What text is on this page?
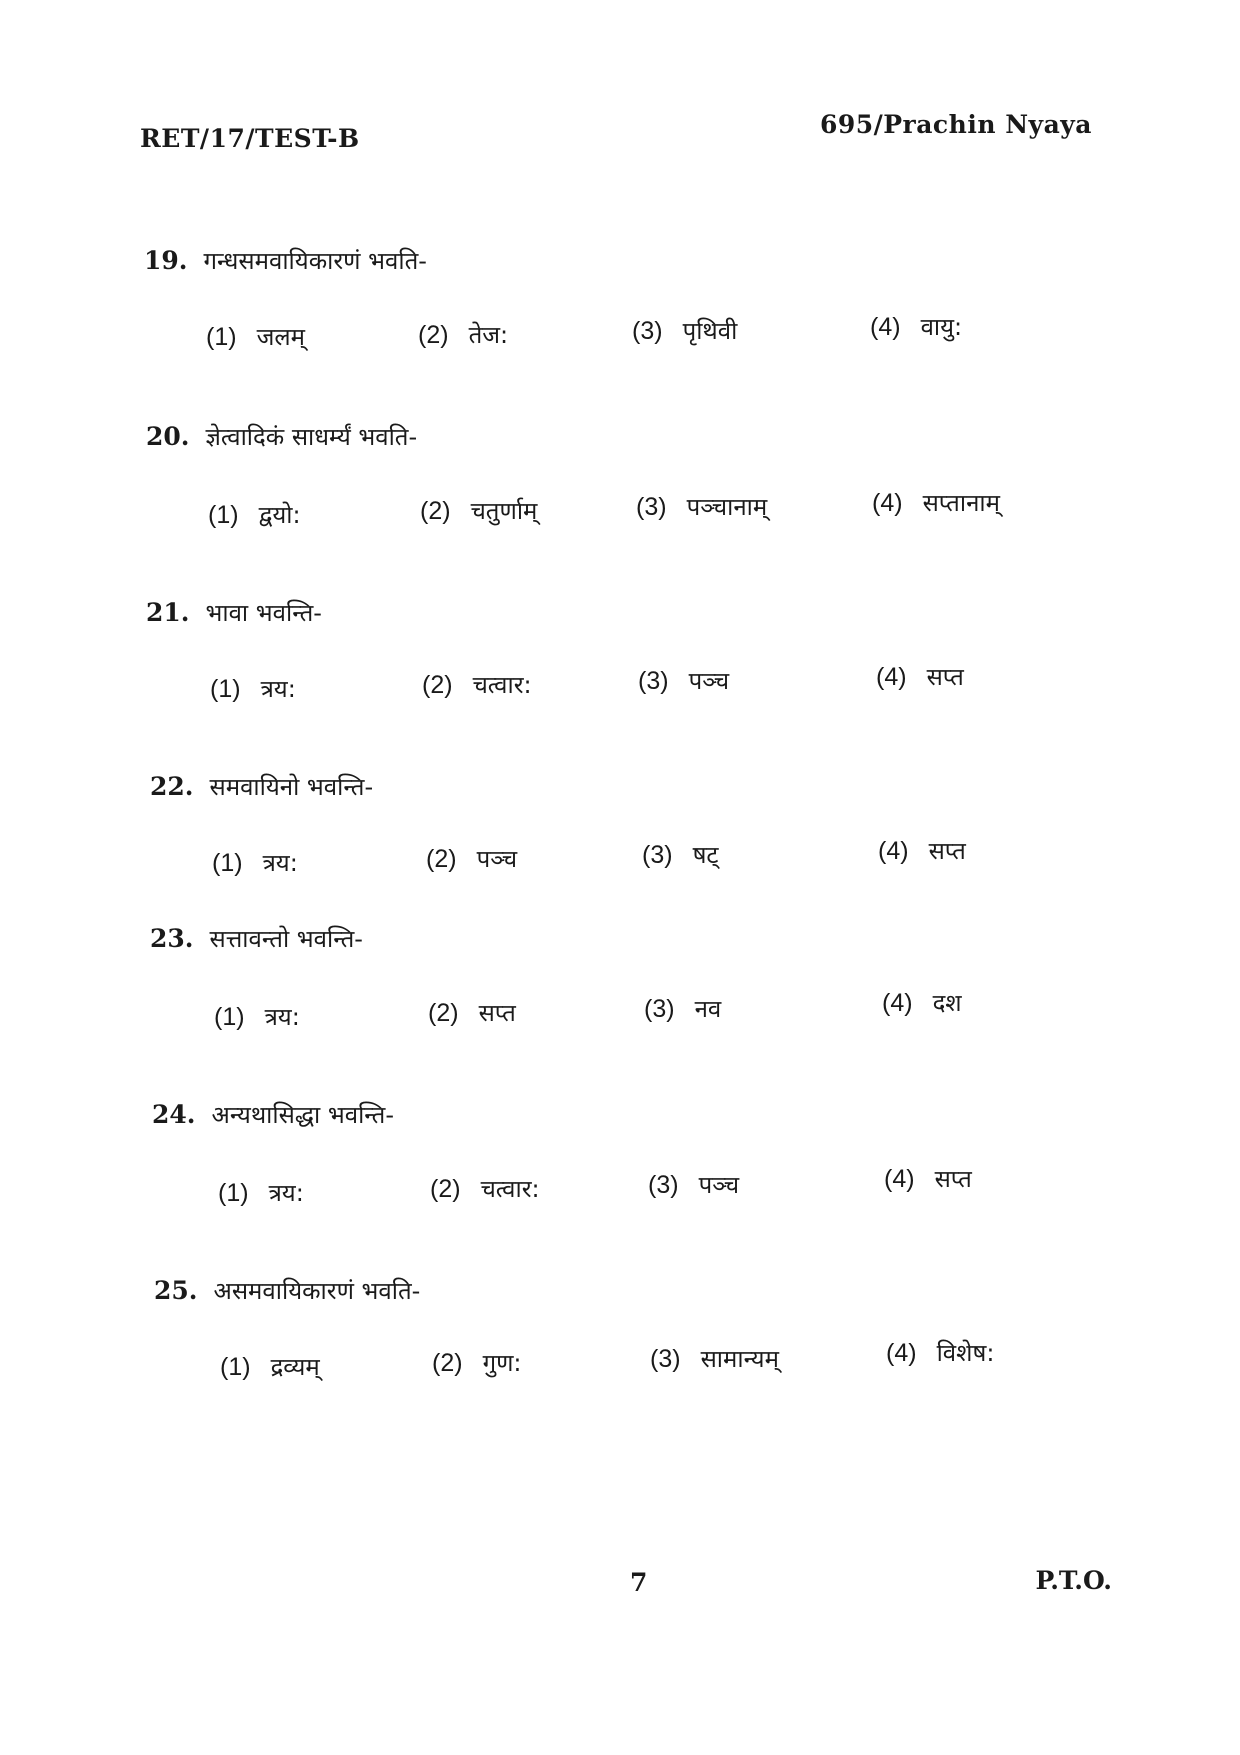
RET/17/TEST-B	695/Prachin Nyaya
19. गन्धसमवायिकारणं भवति-
(1) जलम्	(2) तेज:	(3) पृथिवी	(4) वायु:
20. ज्ञेत्वादिकं साधर्म्यं भवति-
(1) द्वयो:	(2) चतुर्णाम्	(3) पञ्चानाम्	(4) सप्तानाम्
21. भावा भवन्ति-
(1) त्रय:	(2) चत्वार:	(3) पञ्च	(4) सप्त
22. समवायिनो भवन्ति-
(1) त्रय:	(2) पञ्च	(3) षट्	(4) सप्त
23. सत्तावन्तो भवन्ति-
(1) त्रय:	(2) सप्त	(3) नव	(4) दश
24. अन्यथासिद्धा भवन्ति-
(1) त्रय:	(2) चत्वार:	(3) पञ्च	(4) सप्त
25. असमवायिकारणं भवति-
(1) द्रव्यम्	(2) गुण:	(3) सामान्यम्	(4) विशेष:
7	P.T.O.
